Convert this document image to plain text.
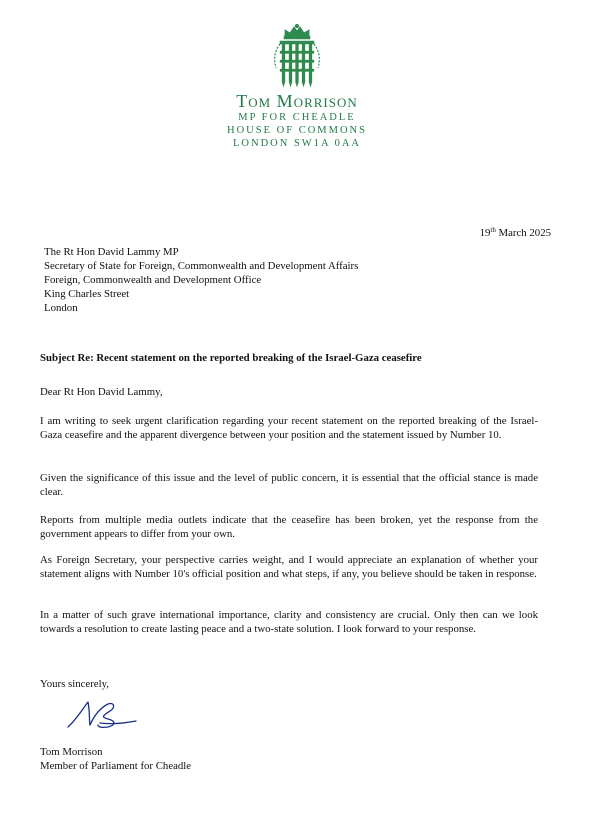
Tom Morrison
MP FOR CHEADLE
HOUSE OF COMMONS
LONDON SW1A 0AA
19th March 2025
The Rt Hon David Lammy MP
Secretary of State for Foreign, Commonwealth and Development Affairs
Foreign, Commonwealth and Development Office
King Charles Street
London
Subject Re: Recent statement on the reported breaking of the Israel-Gaza ceasefire
Dear Rt Hon David Lammy,
I am writing to seek urgent clarification regarding your recent statement on the reported breaking of the Israel-Gaza ceasefire and the apparent divergence between your position and the statement issued by Number 10.
Given the significance of this issue and the level of public concern, it is essential that the official stance is made clear.
Reports from multiple media outlets indicate that the ceasefire has been broken, yet the response from the government appears to differ from your own.
As Foreign Secretary, your perspective carries weight, and I would appreciate an explanation of whether your statement aligns with Number 10's official position and what steps, if any, you believe should be taken in response.
In a matter of such grave international importance, clarity and consistency are crucial. Only then can we look towards a resolution to create lasting peace and a two-state solution. I look forward to your response.
Yours sincerely,
Tom Morrison
Member of Parliament for Cheadle
